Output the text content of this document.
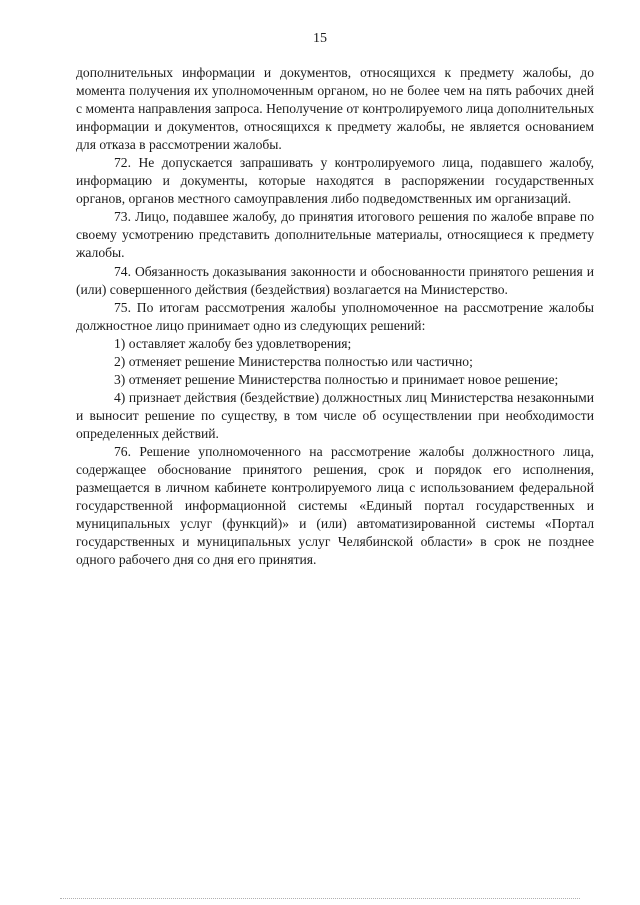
15

дополнительных информации и документов, относящихся к предмету жалобы, до момента получения их уполномоченным органом, но не более чем на пять рабочих дней с момента направления запроса. Неполучение от контролируемого лица дополнительных информации и документов, относящихся к предмету жалобы, не является основанием для отказа в рассмотрении жалобы.

72. Не допускается запрашивать у контролируемого лица, подавшего жалобу, информацию и документы, которые находятся в распоряжении государственных органов, органов местного самоуправления либо подведомственных им организаций.

73. Лицо, подавшее жалобу, до принятия итогового решения по жалобе вправе по своему усмотрению представить дополнительные материалы, относящиеся к предмету жалобы.

74. Обязанность доказывания законности и обоснованности принятого решения и (или) совершенного действия (бездействия) возлагается на Министерство.

75. По итогам рассмотрения жалобы уполномоченное на рассмотрение жалобы должностное лицо принимает одно из следующих решений:

1) оставляет жалобу без удовлетворения;

2) отменяет решение Министерства полностью или частично;

3) отменяет решение Министерства полностью и принимает новое решение;

4) признает действия (бездействие) должностных лиц Министерства незаконными и выносит решение по существу, в том числе об осуществлении при необходимости определенных действий.

76. Решение уполномоченного на рассмотрение жалобы должностного лица, содержащее обоснование принятого решения, срок и порядок его исполнения, размещается в личном кабинете контролируемого лица с использованием федеральной государственной информационной системы «Единый портал государственных и муниципальных услуг (функций)» и (или) автоматизированной системы «Портал государственных и муниципальных услуг Челябинской области» в срок не позднее одного рабочего дня со дня его принятия.
